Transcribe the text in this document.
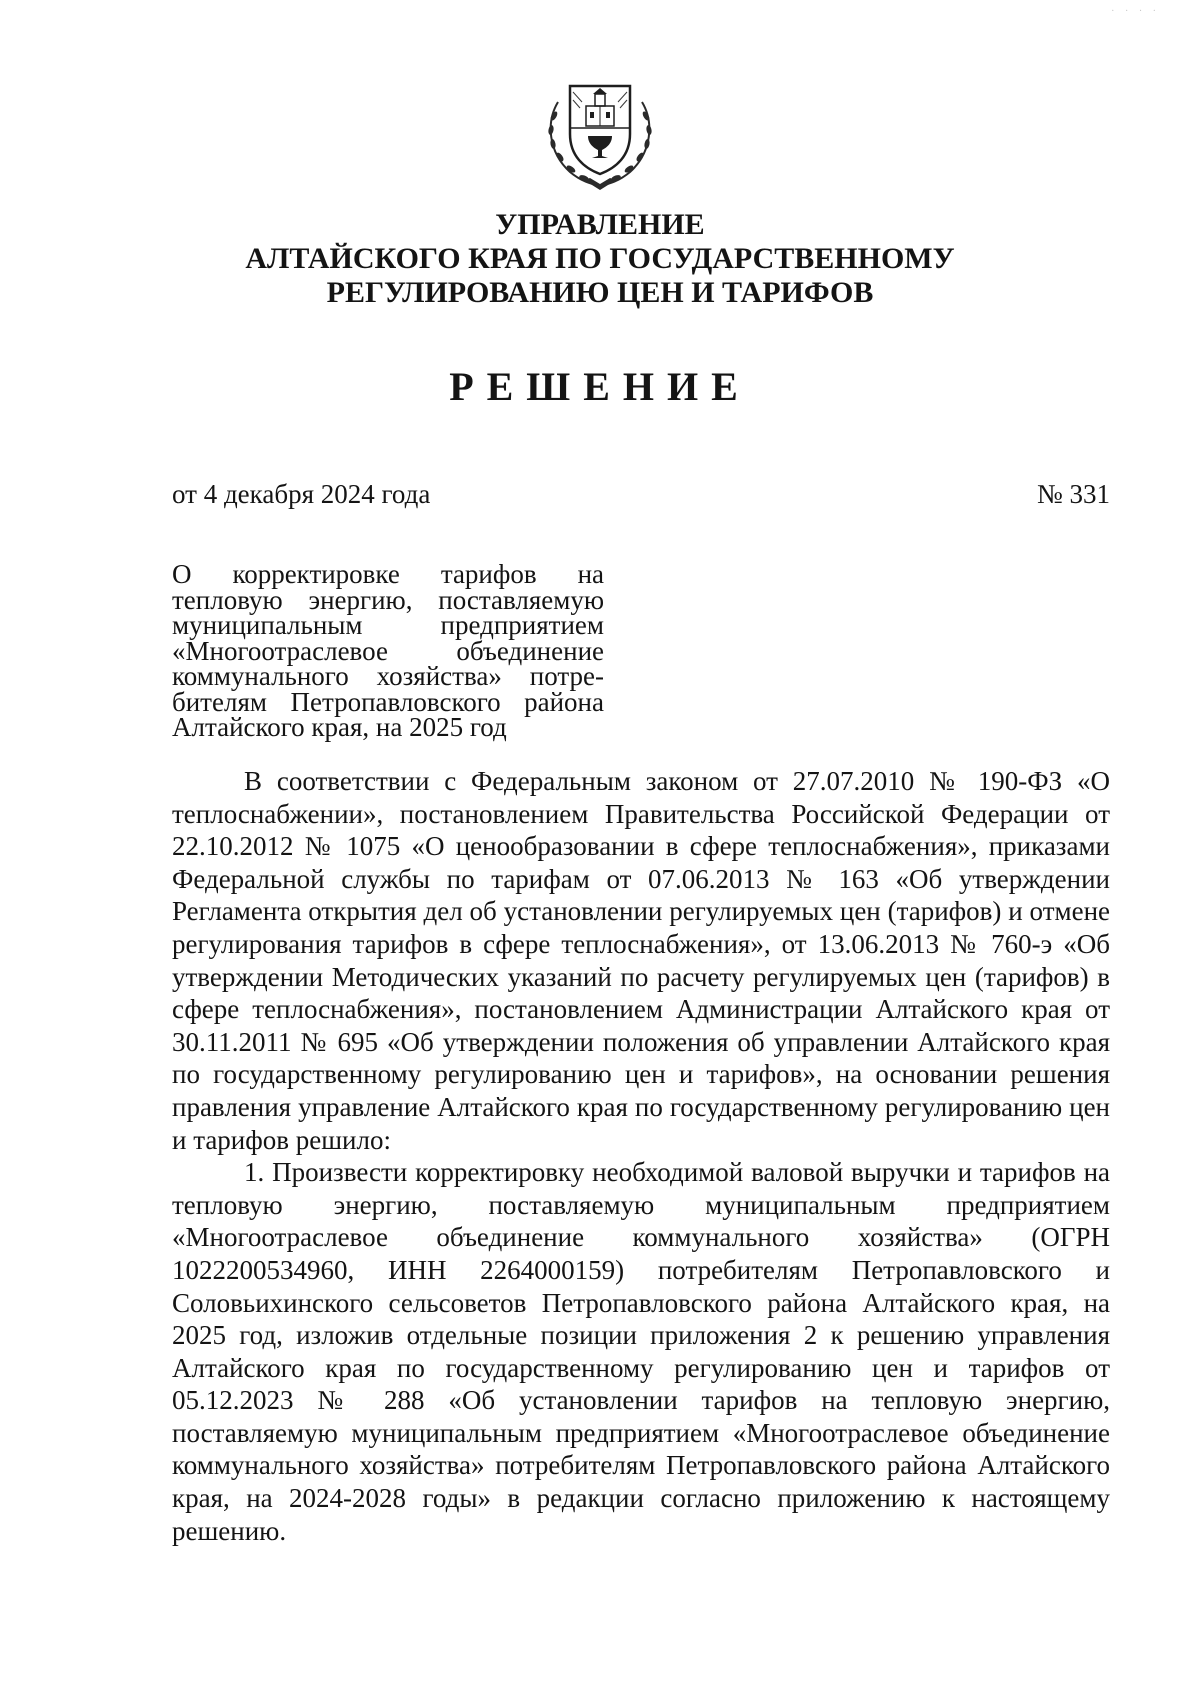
· · · ·
УПРАВЛЕНИЕ
АЛТАЙСКОГО КРАЯ ПО ГОСУДАРСТВЕННОМУ
РЕГУЛИРОВАНИЮ ЦЕН И ТАРИФОВ
РЕШЕНИЕ
от 4 декабря 2024 года	№ 331
О корректировке тарифов на тепловую энергию, поставляемую муниципальным предприятием «Многоотраслевое объединение коммунального хозяйства» потребителям Петропавловского района Алтайского края, на 2025 год

В соответствии с Федеральным законом от 27.07.2010 № 190-ФЗ «О теплоснабжении», постановлением Правительства Российской Федерации от 22.10.2012 № 1075 «О ценообразовании в сфере теплоснабжения», приказами Федеральной службы по тарифам от 07.06.2013 № 163 «Об утверждении Регламента открытия дел об установлении регулируемых цен (тарифов) и отмене регулирования тарифов в сфере теплоснабжения», от 13.06.2013 № 760-э «Об утверждении Методических указаний по расчету регулируемых цен (тарифов) в сфере теплоснабжения», постановлением Администрации Алтайского края от 30.11.2011 № 695 «Об утверждении положения об управлении Алтайского края по государственному регулированию цен и тарифов», на основании решения правления управление Алтайского края по государственному регулированию цен и тарифов решило:

1. Произвести корректировку необходимой валовой выручки и тарифов на тепловую энергию, поставляемую муниципальным предприятием «Многоотраслевое объединение коммунального хозяйства» (ОГРН 1022200534960, ИНН 2264000159) потребителям Петропавловского и Соловьихинского сельсоветов Петропавловского района Алтайского края, на 2025 год, изложив отдельные позиции приложения 2 к решению управления Алтайского края по государственному регулированию цен и тарифов от 05.12.2023 № 288 «Об установлении тарифов на тепловую энергию, поставляемую муниципальным предприятием «Многоотраслевое объединение коммунального хозяйства» потребителям Петропавловского района Алтайского края, на 2024-2028 годы» в редакции согласно приложению к настоящему решению.
